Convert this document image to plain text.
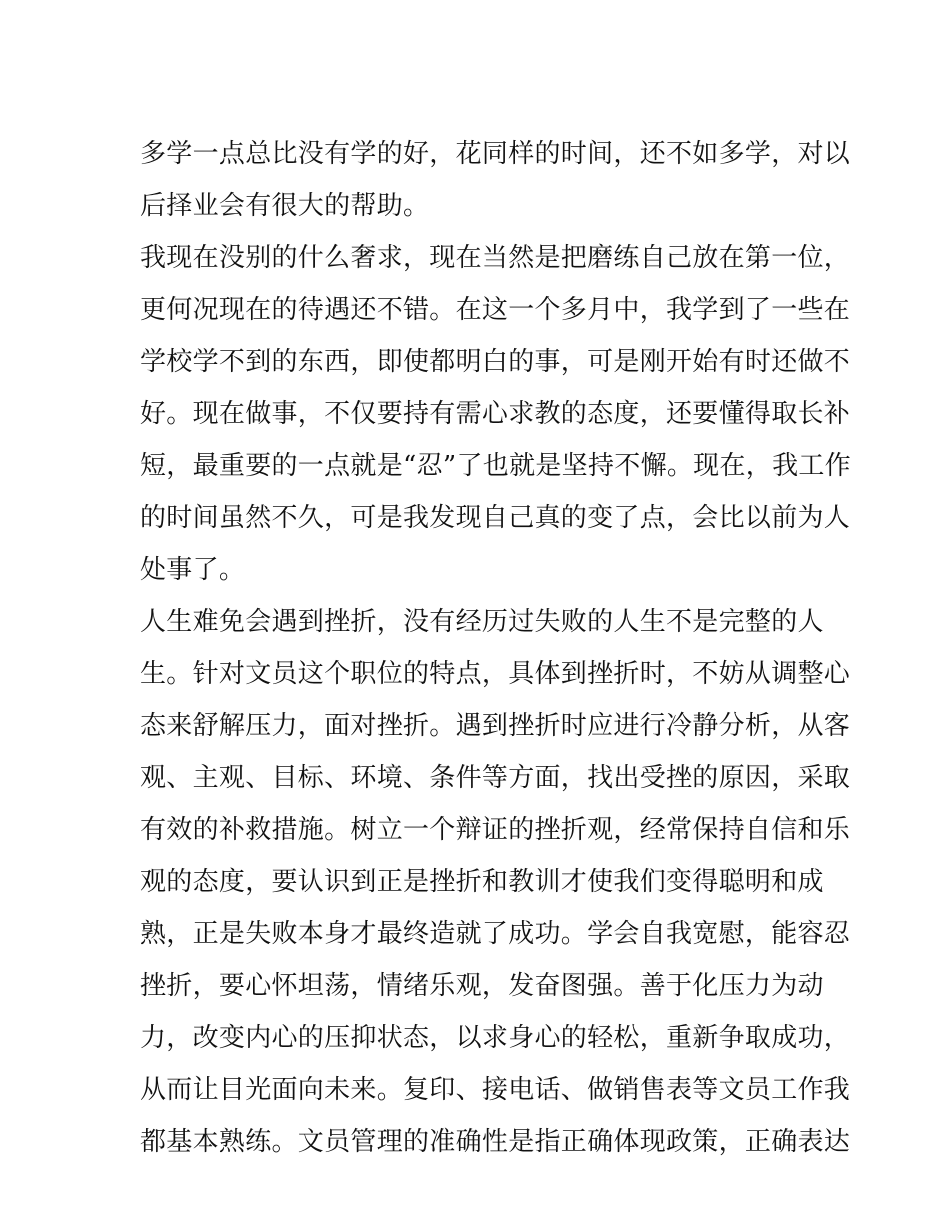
多学一点总比没有学的好，花同样的时间，还不如多学，对以
后择业会有很大的帮助。
我现在没别的什么奢求，现在当然是把磨练自己放在第一位，
更何况现在的待遇还不错。在这一个多月中，我学到了一些在
学校学不到的东西，即使都明白的事，可是刚开始有时还做不
好。现在做事，不仅要持有需心求教的态度，还要懂得取长补
短，最重要的一点就是“忍”了也就是坚持不懈。现在，我工作
的时间虽然不久，可是我发现自己真的变了点，会比以前为人
处事了。
人生难免会遇到挫折，没有经历过失败的人生不是完整的人
生。针对文员这个职位的特点，具体到挫折时，不妨从调整心
态来舒解压力，面对挫折。遇到挫折时应进行冷静分析，从客
观、主观、目标、环境、条件等方面，找出受挫的原因，采取
有效的补救措施。树立一个辩证的挫折观，经常保持自信和乐
观的态度，要认识到正是挫折和教训才使我们变得聪明和成
熟，正是失败本身才最终造就了成功。学会自我宽慰，能容忍
挫折，要心怀坦荡，情绪乐观，发奋图强。善于化压力为动
力，改变内心的压抑状态，以求身心的轻松，重新争取成功，
从而让目光面向未来。复印、接电话、做销售表等文员工作我
都基本熟练。文员管理的准确性是指正确体现政策，正确表达
